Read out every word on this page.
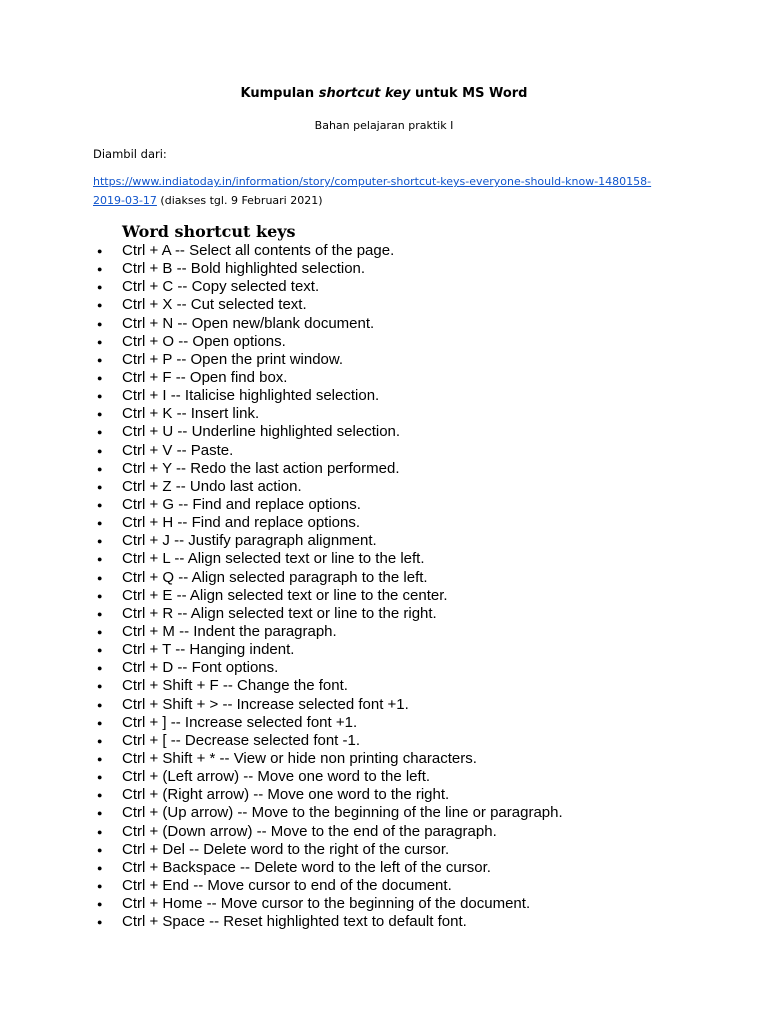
Kumpulan shortcut key untuk MS Word
Bahan pelajaran praktik I
Diambil dari:
https://www.indiatoday.in/information/story/computer-shortcut-keys-everyone-should-know-1480158-2019-03-17 (diakses tgl. 9 Februari 2021)
Word shortcut keys
● Ctrl + A -- Select all contents of the page.
● Ctrl + B -- Bold highlighted selection.
● Ctrl + C -- Copy selected text.
● Ctrl + X -- Cut selected text.
● Ctrl + N -- Open new/blank document.
● Ctrl + O -- Open options.
● Ctrl + P -- Open the print window.
● Ctrl + F -- Open find box.
● Ctrl + I -- Italicise highlighted selection.
● Ctrl + K -- Insert link.
● Ctrl + U -- Underline highlighted selection.
● Ctrl + V -- Paste.
● Ctrl + Y -- Redo the last action performed.
● Ctrl + Z -- Undo last action.
● Ctrl + G -- Find and replace options.
● Ctrl + H -- Find and replace options.
● Ctrl + J -- Justify paragraph alignment.
● Ctrl + L -- Align selected text or line to the left.
● Ctrl + Q -- Align selected paragraph to the left.
● Ctrl + E -- Align selected text or line to the center.
● Ctrl + R -- Align selected text or line to the right.
● Ctrl + M -- Indent the paragraph.
● Ctrl + T -- Hanging indent.
● Ctrl + D -- Font options.
● Ctrl + Shift + F -- Change the font.
● Ctrl + Shift + > -- Increase selected font +1.
● Ctrl + ] -- Increase selected font +1.
● Ctrl + [ -- Decrease selected font -1.
● Ctrl + Shift + * -- View or hide non printing characters.
● Ctrl + (Left arrow) -- Move one word to the left.
● Ctrl + (Right arrow) -- Move one word to the right.
● Ctrl + (Up arrow) -- Move to the beginning of the line or paragraph.
● Ctrl + (Down arrow) -- Move to the end of the paragraph.
● Ctrl + Del -- Delete word to the right of the cursor.
● Ctrl + Backspace -- Delete word to the left of the cursor.
● Ctrl + End -- Move cursor to end of the document.
● Ctrl + Home -- Move cursor to the beginning of the document.
● Ctrl + Space -- Reset highlighted text to default font.
